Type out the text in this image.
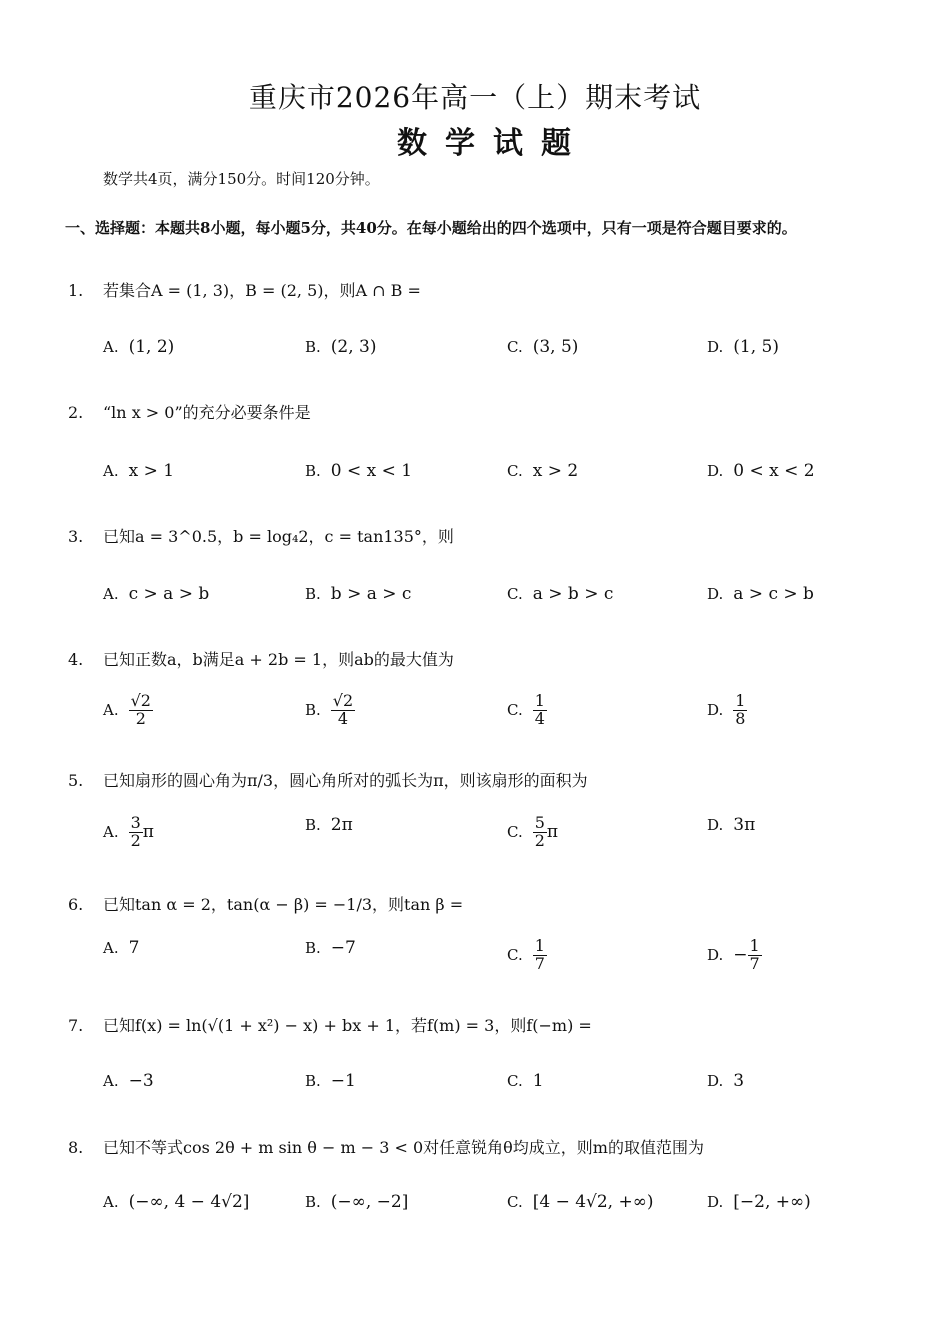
重庆市2026年高一（上）期末考试
数学试题
数学共4页，满分150分。时间120分钟。
一、选择题：本题共8小题，每小题5分，共40分。在每小题给出的四个选项中，只有一项是符合题目要求的。
1. 若集合A = (1, 3)，B = (2, 5)，则A ∩ B =
A. (1, 2)	B. (2, 3)	C. (3, 5)	D. (1, 5)
2. “ln x > 0”的充分必要条件是
A. x > 1	B. 0 < x < 1	C. x > 2	D. 0 < x < 2
3. 已知a = 3^0.5，b = log₄2，c = tan135°，则
A. c > a > b	B. b > a > c	C. a > b > c	D. a > c > b
4. 已知正数a，b满足a + 2b = 1，则ab的最大值为
A. $\frac{√2}{2}$	B. $\frac{√2}{4}$	C. $\frac{1}{4}$	D. $\frac{1}{8}$
5. 已知扇形的圆心角为π/3，圆心角所对的弧长为π，则该扇形的面积为
A. $\frac{3}{2}$ π	B. 2π	C. $\frac{5}{2}$ π	D. 3π
6. 已知tan α = 2，tan(α − β) = −1/3，则tan β =
A. 7	B. −7	C. $\frac{1}{7}$	D. − $\frac{1}{7}$
7. 已知f(x) = ln(√(1 + x²) − x) + bx + 1，若f(m) = 3，则f(−m) =
A. −3	B. −1	C. 1	D. 3
8. 已知不等式cos 2θ + m sin θ − m − 3 < 0对任意锐角θ均成立，则m的取值范围为
A. (−∞, 4 − 4√2]	B. (−∞, −2]	C. [4 − 4√2, +∞)	D. [−2, +∞)
